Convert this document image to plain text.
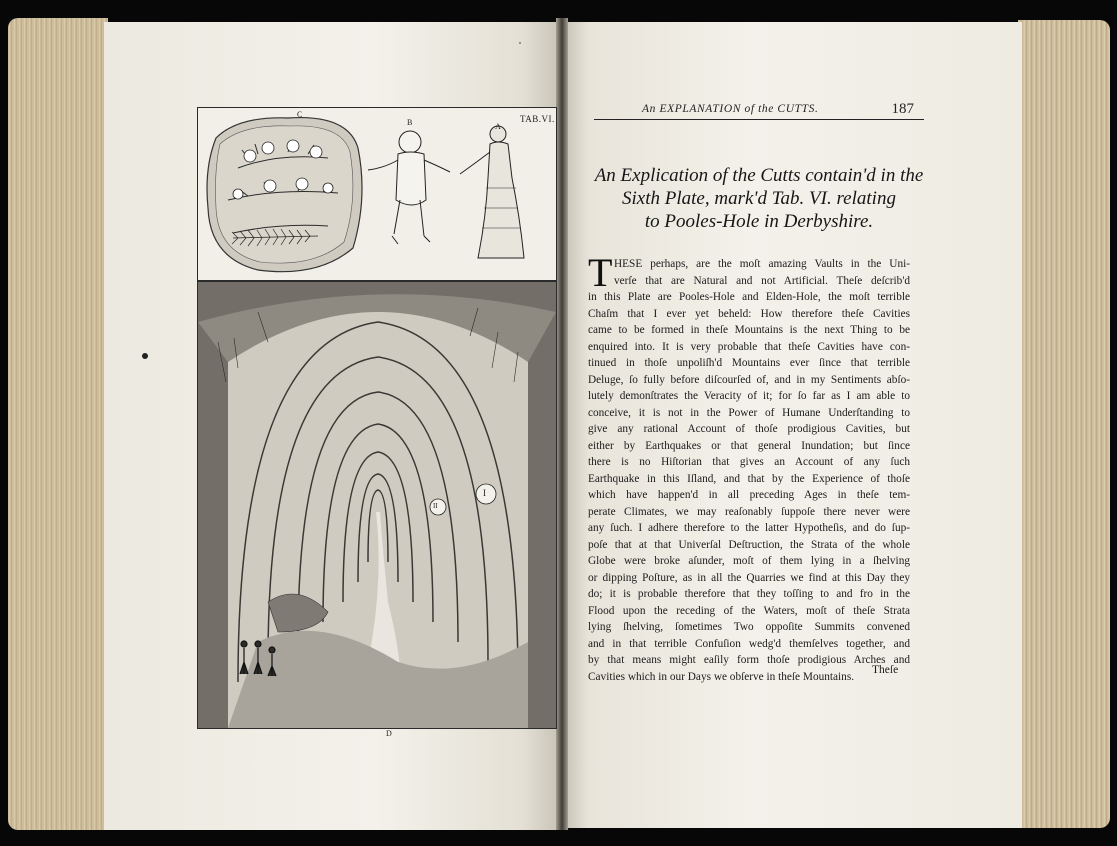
C
B	A
TAB.VI.
I
II
D
An EXPLANATION of the CUTTS.	187
An Explication of the Cutts contain'd in the
Sixth Plate, mark'd Tab. VI. relating
to Pooles-Hole in Derbyshire.
T HESE perhaps, are the moſt amazing Vaults in the Uni-
verſe that are Natural and not Artificial. Theſe deſcrib'd
in this Plate are Pooles-Hole and Elden-Hole, the moſt terrible
Chaſm that I ever yet beheld: How therefore theſe Cavities
came to be formed in theſe Mountains is the next Thing to be
enquired into. It is very probable that theſe Cavities have con-
tinued in thoſe unpoliſh'd Mountains ever ſince that terrible
Deluge, ſo fully before diſcourſed of, and in my Sentiments abſo-
lutely demonſtrates the Veracity of it; for ſo far as I am able to
conceive, it is not in the Power of Humane Underſtanding to
give any rational Account of thoſe prodigious Cavities, but
either by Earthquakes or that general Inundation; but ſince
there is no Hiſtorian that gives an Account of any ſuch
Earthquake in this Iſland, and that by the Experience of thoſe
which have happen'd in all preceding Ages in theſe tem-
perate Climates, we may reaſonably ſuppoſe there never were
any ſuch. I adhere therefore to the latter Hypotheſis, and do ſup-
poſe that at that Univerſal Deſtruction, the Strata of the whole
Globe were broke aſunder, moſt of them lying in a ſhelving
or dipping Poſture, as in all the Quarries we find at this Day they
do; it is probable therefore that they toſſing to and fro in the
Flood upon the receding of the Waters, moſt of theſe Strata
lying ſhelving, ſometimes Two oppoſite Summits convened
and in that terrible Confuſion wedg'd themſelves together, and
by that means might eaſily form thoſe prodigious Arches and
Cavities which in our Days we obſerve in theſe Mountains.
Theſe
